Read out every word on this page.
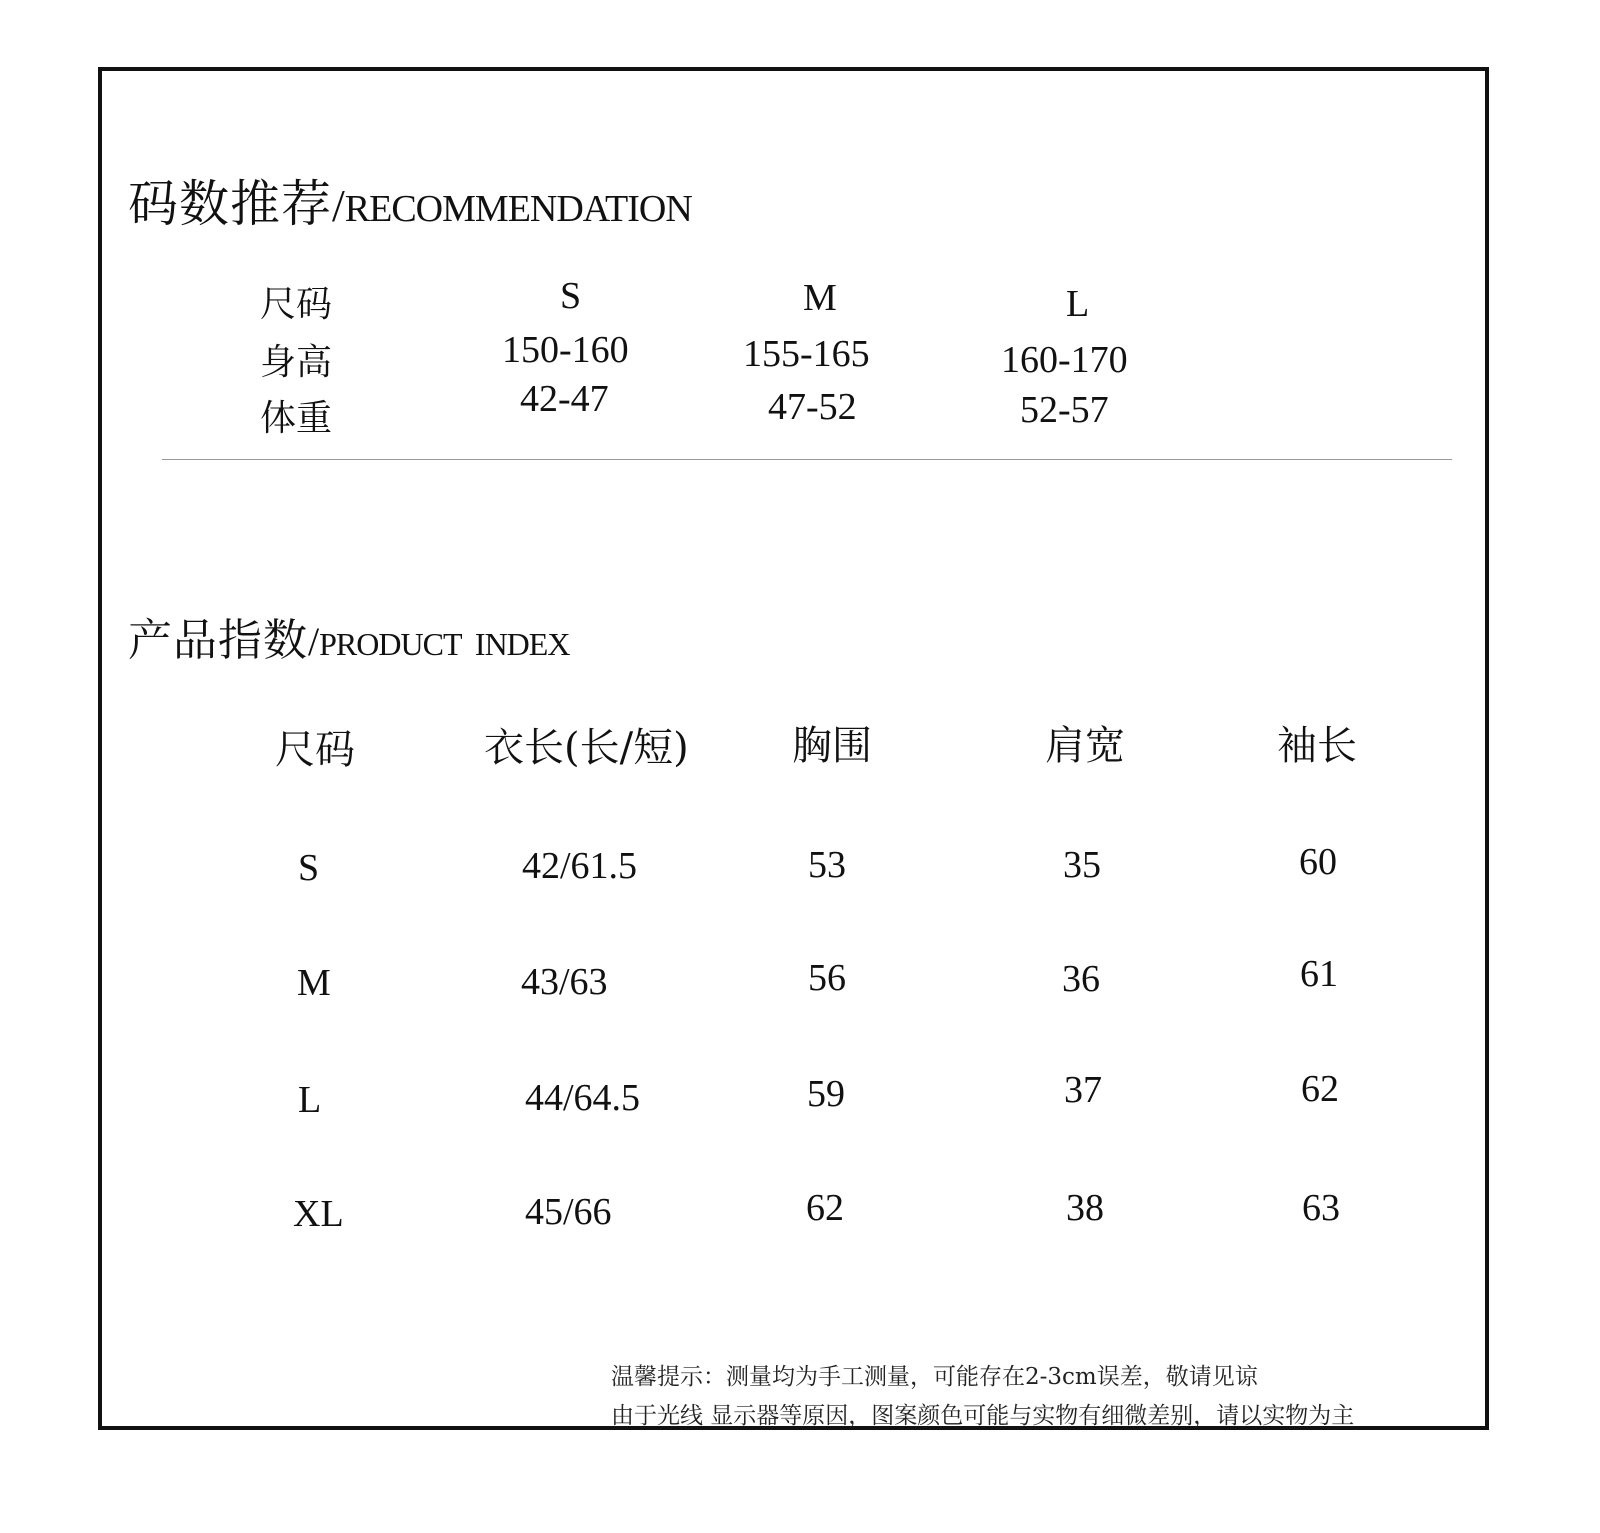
码数推荐 / RECOMMENDATION
尺码	S	M	L
身高	150-160	155-165	160-170
体重	42-47	47-52	52-57
产品指数 / PRODUCT  INDEX
尺码	衣长(长/短)	胸围	肩宽	袖长
S	42/61.5	53	35	60
M	43/63	56	36	61
L	44/64.5	59	37	62
XL	45/66	62	38	63
温馨提示：测量均为手工测量，可能存在2-3cm误差，敬请见谅
由于光线 显示器等原因，图案颜色可能与实物有细微差别，请以实物为主
